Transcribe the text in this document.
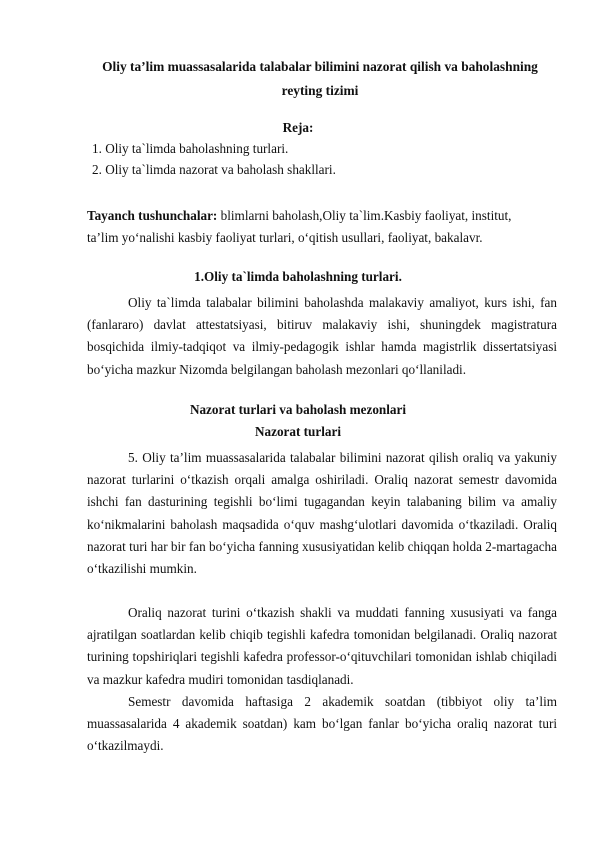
Oliy ta’lim muassasalarida talabalar bilimini nazorat qilish va baholashning
reyting tizimi
Reja:
1. Oliy ta`limda baholashning turlari.
2. Oliy ta`limda nazorat va baholash shakllari.
Tayanch tushunchalar: blimlarni baholash,Oliy ta`lim.Kasbiy faoliyat, institut, ta’lim yo‘nalishi kasbiy faoliyat turlari, o‘qitish usullari, faoliyat, bakalavr.
1.Oliy ta`limda baholashning turlari.
Oliy ta`limda talabalar bilimini baholashda malakaviy amaliyot, kurs ishi, fan (fanlararo) davlat attestatsiyasi, bitiruv malakaviy ishi, shuningdek magistratura bosqichida ilmiy-tadqiqot va ilmiy-pedagogik ishlar hamda magistrlik dissertatsiyasi bo‘yicha mazkur Nizomda belgilangan baholash mezonlari qo‘llaniladi.
Nazorat turlari va baholash mezonlari
Nazorat turlari
5. Oliy ta’lim muassasalarida talabalar bilimini nazorat qilish oraliq va yakuniy nazorat turlarini o‘tkazish orqali amalga oshiriladi. Oraliq nazorat semestr davomida ishchi fan dasturining tegishli bo‘limi tugagandan keyin talabaning bilim va amaliy ko‘nikmalarini baholash maqsadida o‘quv mashg‘ulotlari davomida o‘tkaziladi. Oraliq nazorat turi har bir fan bo‘yicha fanning xususiyatidan kelib chiqqan holda 2-martagacha o‘tkazilishi mumkin.
Oraliq nazorat turini o‘tkazish shakli va muddati fanning xususiyati va fanga ajratilgan soatlardan kelib chiqib tegishli kafedra tomonidan belgilanadi. Oraliq nazorat turining topshiriqlari tegishli kafedra professor-o‘qituvchilari tomonidan ishlab chiqiladi va mazkur kafedra mudiri tomonidan tasdiqlanadi.
Semestr davomida haftasiga 2 akademik soatdan (tibbiyot oliy ta’lim muassasalarida 4 akademik soatdan) kam bo‘lgan fanlar bo‘yicha oraliq nazorat turi o‘tkazilmaydi.
